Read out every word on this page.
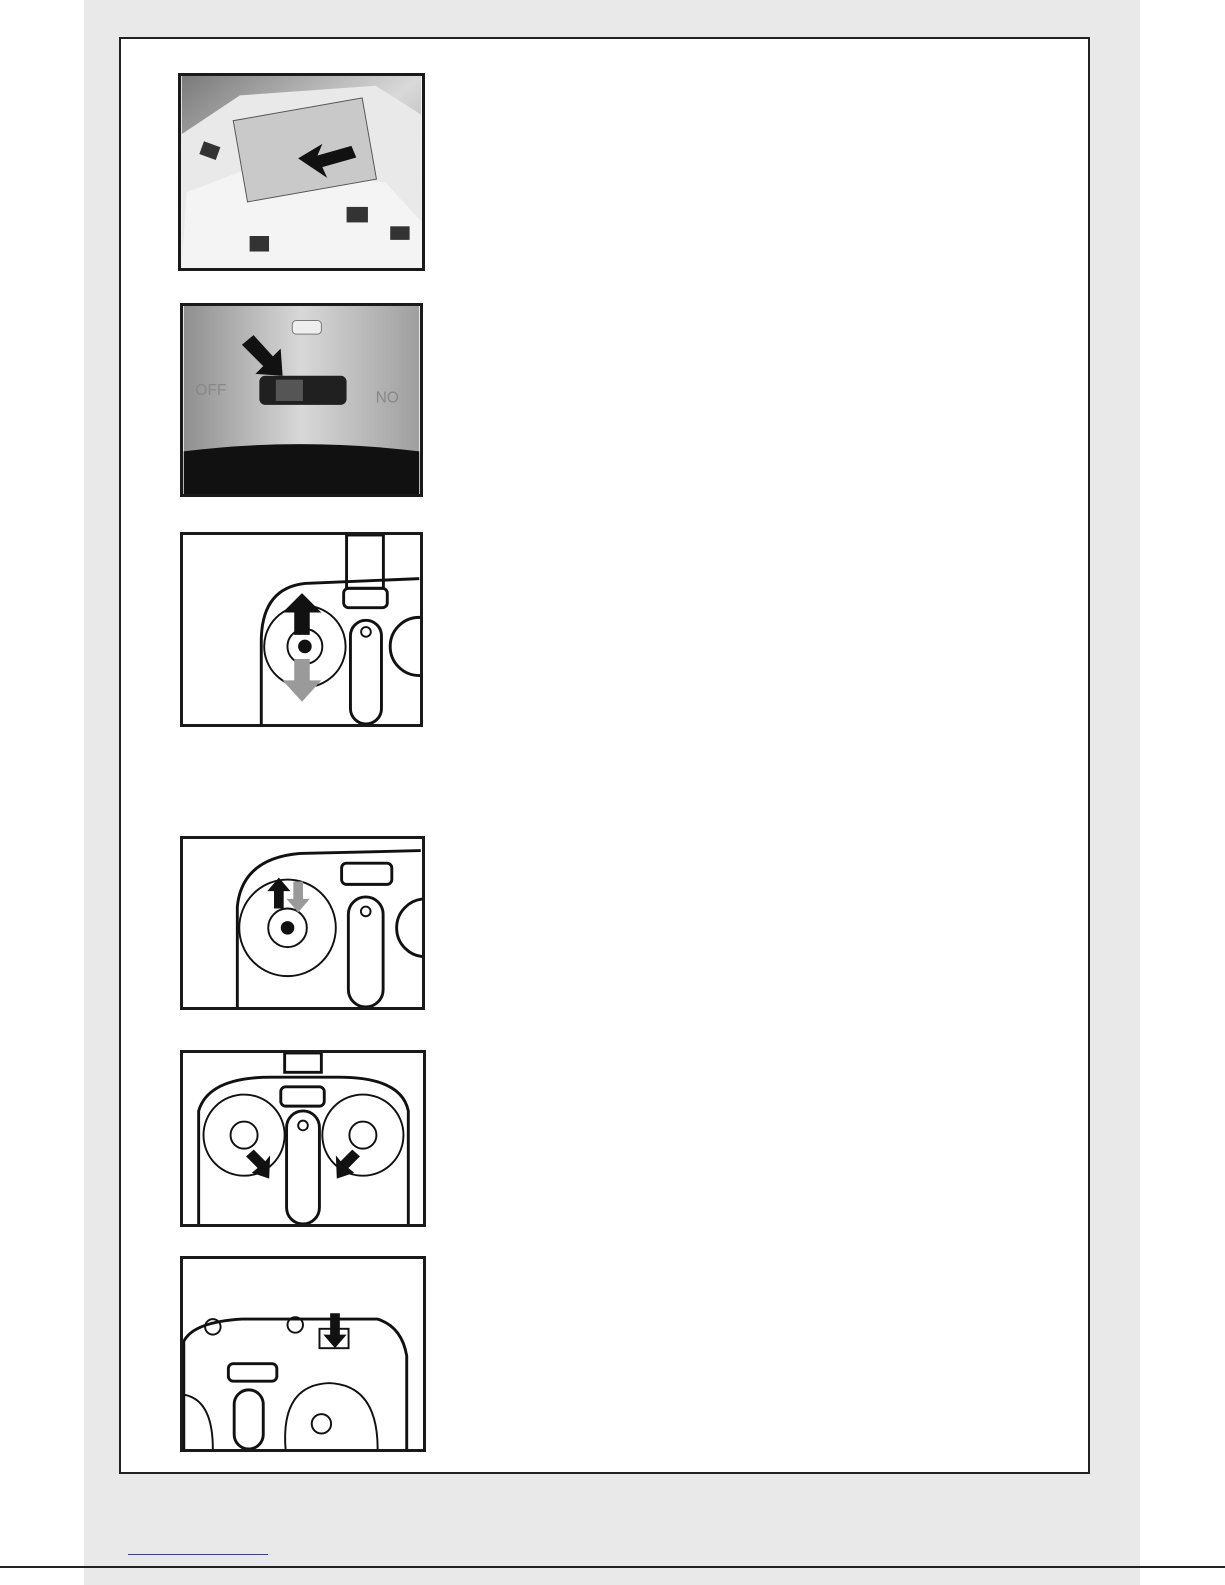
OFF	ON
